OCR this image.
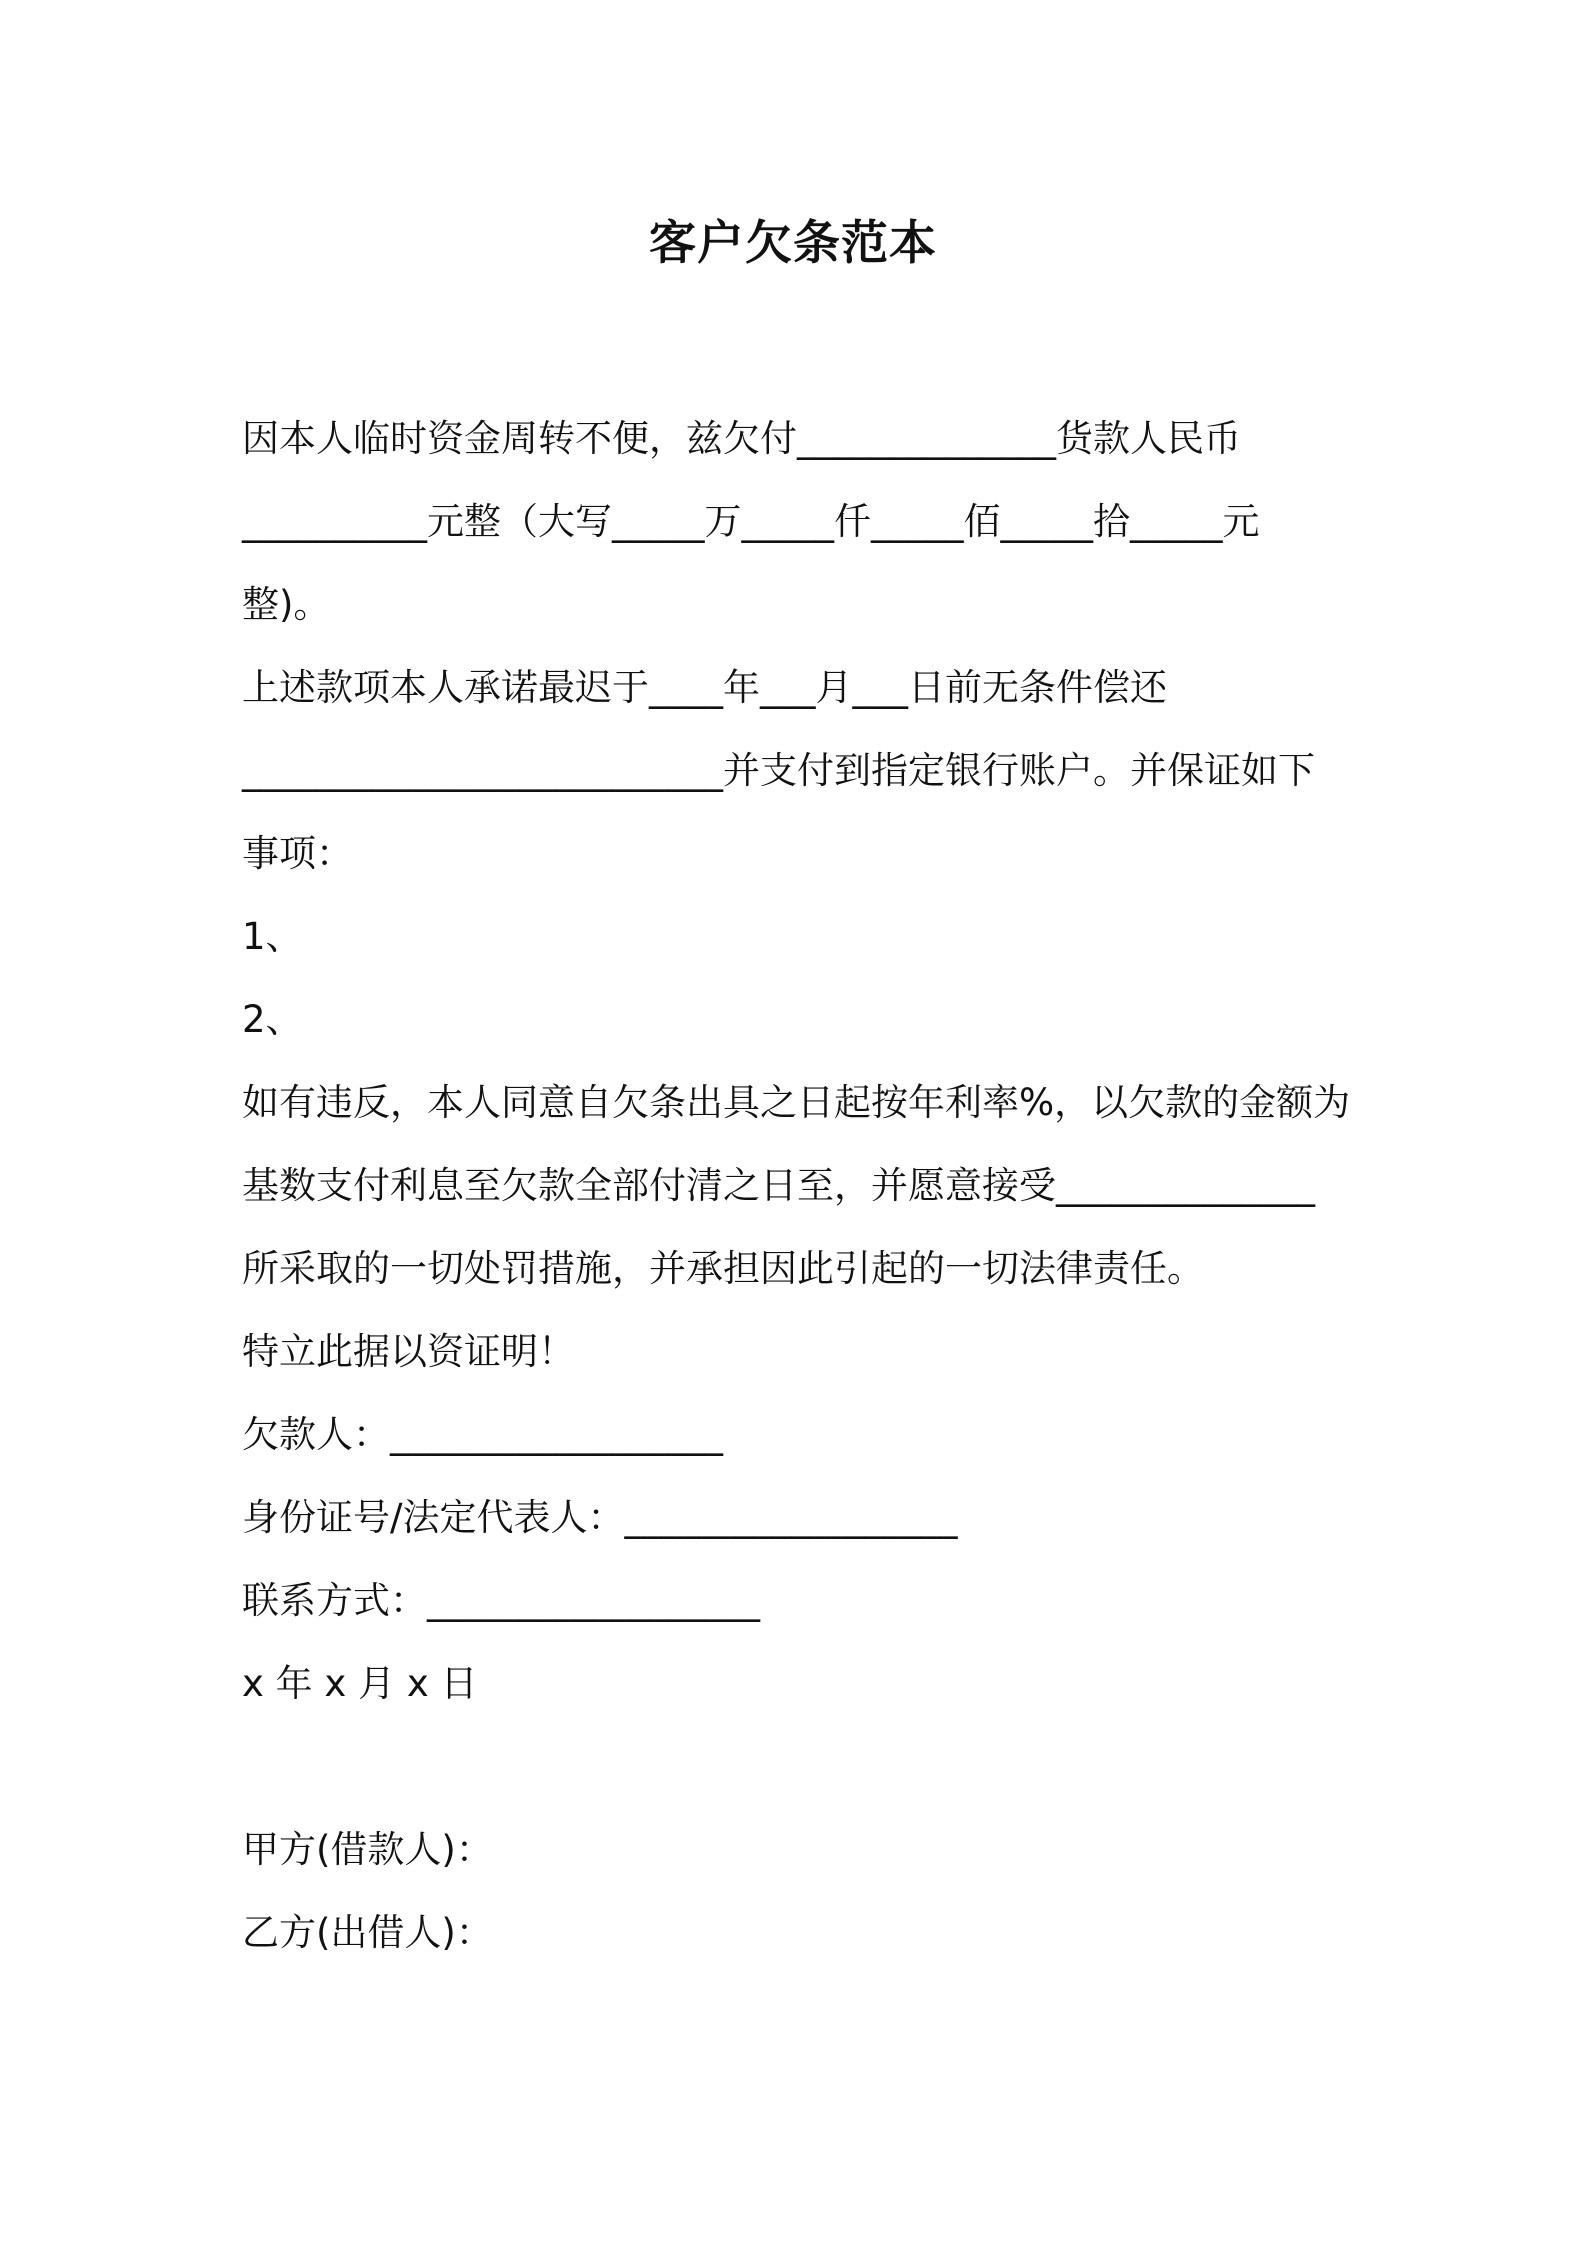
客户欠条范本
因本人临时资金周转不便，兹欠付______________货款人民币
__________元整（大写_____万_____仟_____佰_____拾_____元
整)。
上述款项本人承诺最迟于____年___月___日前无条件偿还
__________________________并支付到指定银行账户。并保证如下
事项：
1、
2、
如有违反，本人同意自欠条出具之日起按年利率%，以欠款的金额为
基数支付利息至欠款全部付清之日至，并愿意接受______________
所采取的一切处罚措施，并承担因此引起的一切法律责任。
特立此据以资证明！
欠款人：__________________
身份证号/法定代表人：__________________
联系方式：__________________
x 年 x 月 x 日
甲方(借款人)：
乙方(出借人)：
